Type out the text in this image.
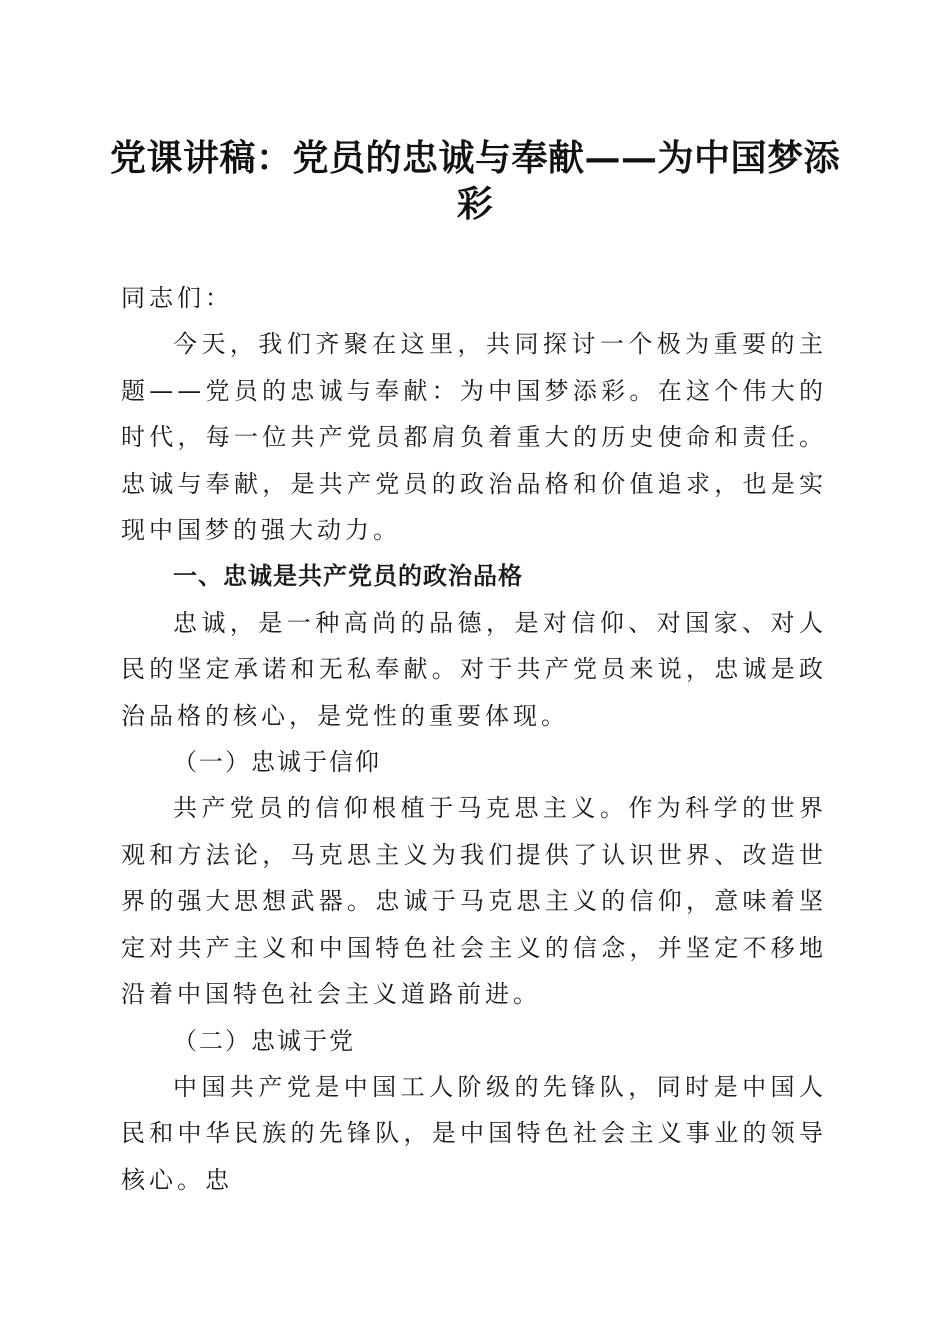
党课讲稿：党员的忠诚与奉献——为中国梦添彩

同志们：

今天，我们齐聚在这里，共同探讨一个极为重要的主题——党员的忠诚与奉献：为中国梦添彩。在这个伟大的时代，每一位共产党员都肩负着重大的历史使命和责任。忠诚与奉献，是共产党员的政治品格和价值追求，也是实现中国梦的强大动力。

一、忠诚是共产党员的政治品格

忠诚，是一种高尚的品德，是对信仰、对国家、对人民的坚定承诺和无私奉献。对于共产党员来说，忠诚是政治品格的核心，是党性的重要体现。

（一）忠诚于信仰

共产党员的信仰根植于马克思主义。作为科学的世界观和方法论，马克思主义为我们提供了认识世界、改造世界的强大思想武器。忠诚于马克思主义的信仰，意味着坚定对共产主义和中国特色社会主义的信念，并坚定不移地沿着中国特色社会主义道路前进。

（二）忠诚于党

中国共产党是中国工人阶级的先锋队，同时是中国人民和中华民族的先锋队，是中国特色社会主义事业的领导核心。忠
